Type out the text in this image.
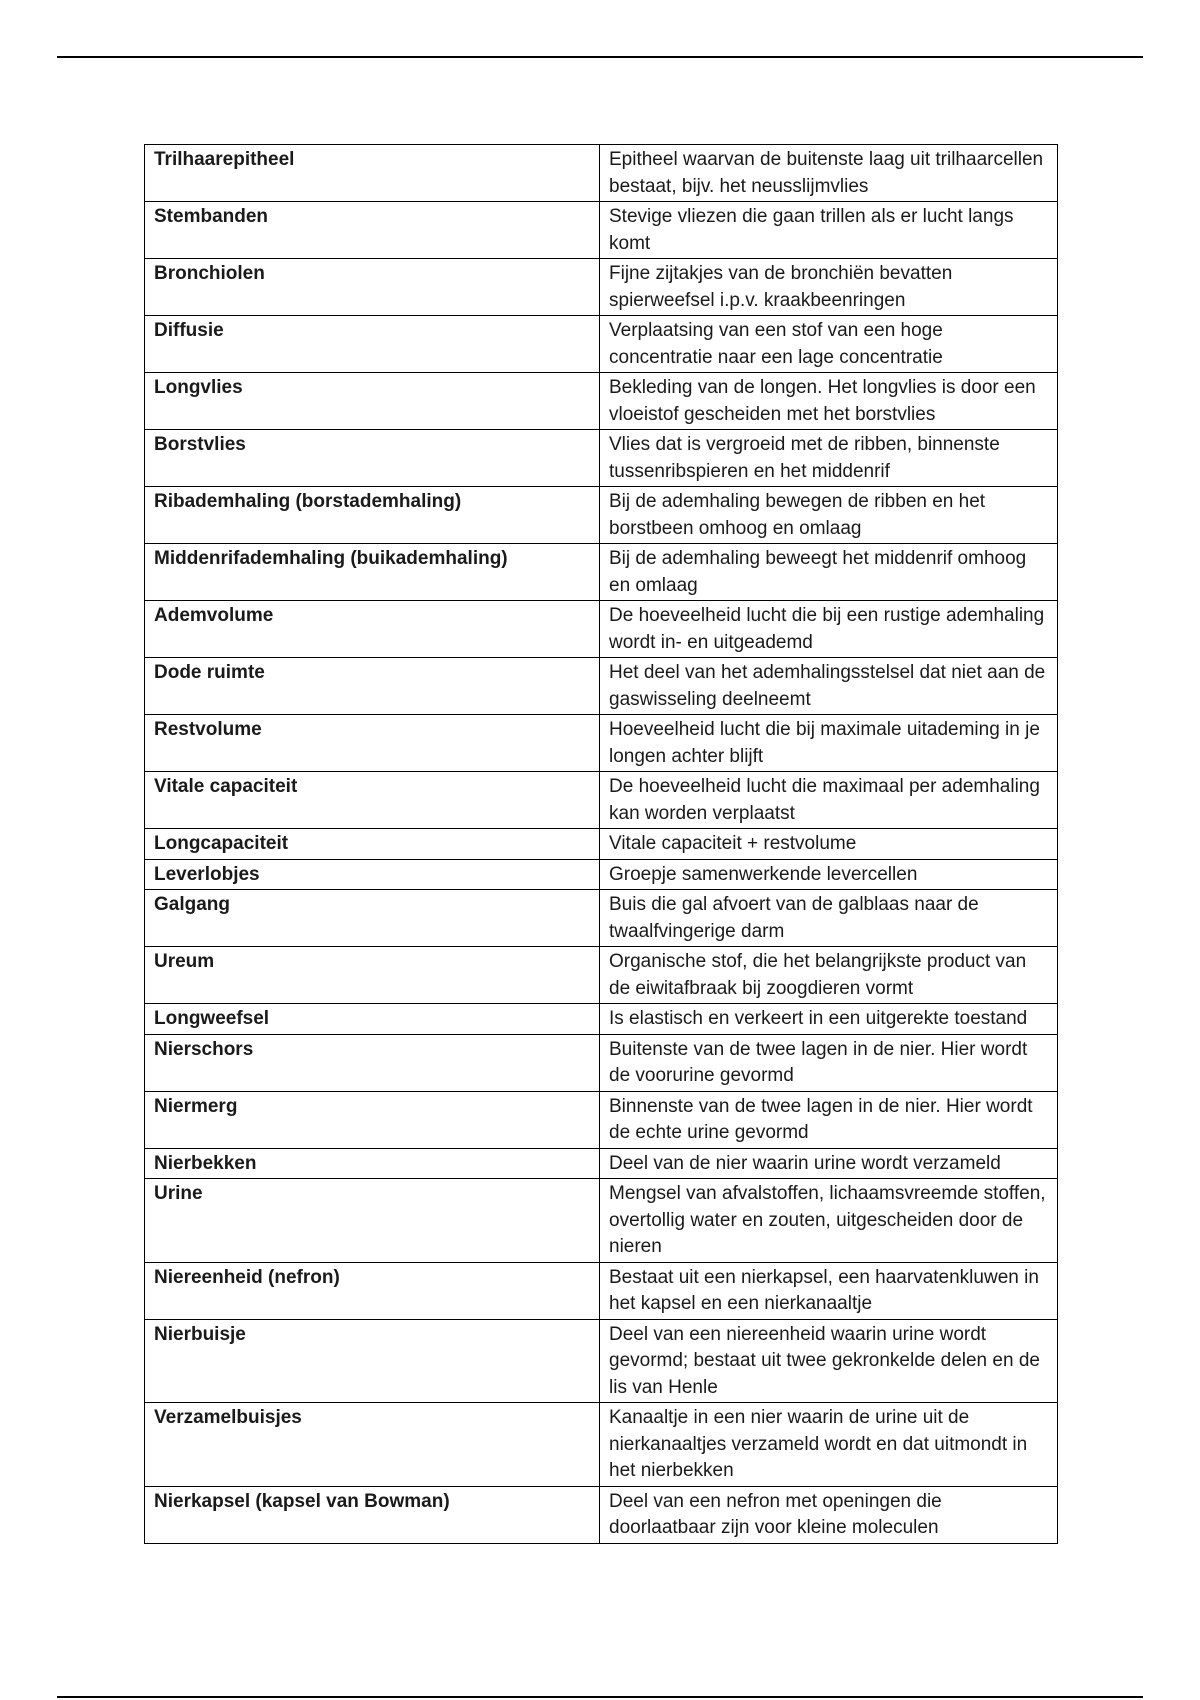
Trilhaarepitheel	Epitheel waarvan de buitenste laag uit trilhaarcellen bestaat, bijv. het neusslijmvlies
Stembanden	Stevige vliezen die gaan trillen als er lucht langs komt
Bronchiolen	Fijne zijtakjes van de bronchiën bevatten spierweefsel i.p.v. kraakbeenringen
Diffusie	Verplaatsing van een stof van een hoge concentratie naar een lage concentratie
Longvlies	Bekleding van de longen. Het longvlies is door een vloeistof gescheiden met het borstvlies
Borstvlies	Vlies dat is vergroeid met de ribben, binnenste tussenribspieren en het middenrif
Ribademhaling (borstademhaling)	Bij de ademhaling bewegen de ribben en het borstbeen omhoog en omlaag
Middenrifademhaling (buikademhaling)	Bij de ademhaling beweegt het middenrif omhoog en omlaag
Ademvolume	De hoeveelheid lucht die bij een rustige ademhaling wordt in- en uitgeademd
Dode ruimte	Het deel van het ademhalingsstelsel dat niet aan de gaswisseling deelneemt
Restvolume	Hoeveelheid lucht die bij maximale uitademing in je longen achter blijft
Vitale capaciteit	De hoeveelheid lucht die maximaal per ademhaling kan worden verplaatst
Longcapaciteit	Vitale capaciteit + restvolume
Leverlobjes	Groepje samenwerkende levercellen
Galgang	Buis die gal afvoert van de galblaas naar de twaalfvingerige darm
Ureum	Organische stof, die het belangrijkste product van de eiwitafbraak bij zoogdieren vormt
Longweefsel	Is elastisch en verkeert in een uitgerekte toestand
Nierschors	Buitenste van de twee lagen in de nier. Hier wordt de voorurine gevormd
Niermerg	Binnenste van de twee lagen in de nier. Hier wordt de echte urine gevormd
Nierbekken	Deel van de nier waarin urine wordt verzameld
Urine	Mengsel van afvalstoffen, lichaamsvreemde stoffen, overtollig water en zouten, uitgescheiden door de nieren
Niereenheid (nefron)	Bestaat uit een nierkapsel, een haarvatenkluwen in het kapsel en een nierkanaaltje
Nierbuisje	Deel van een niereenheid waarin urine wordt gevormd; bestaat uit twee gekronkelde delen en de lis van Henle
Verzamelbuisjes	Kanaaltje in een nier waarin de urine uit de nierkanaaltjes verzameld wordt en dat uitmondt in het nierbekken
Nierkapsel (kapsel van Bowman)	Deel van een nefron met openingen die doorlaatbaar zijn voor kleine moleculen
